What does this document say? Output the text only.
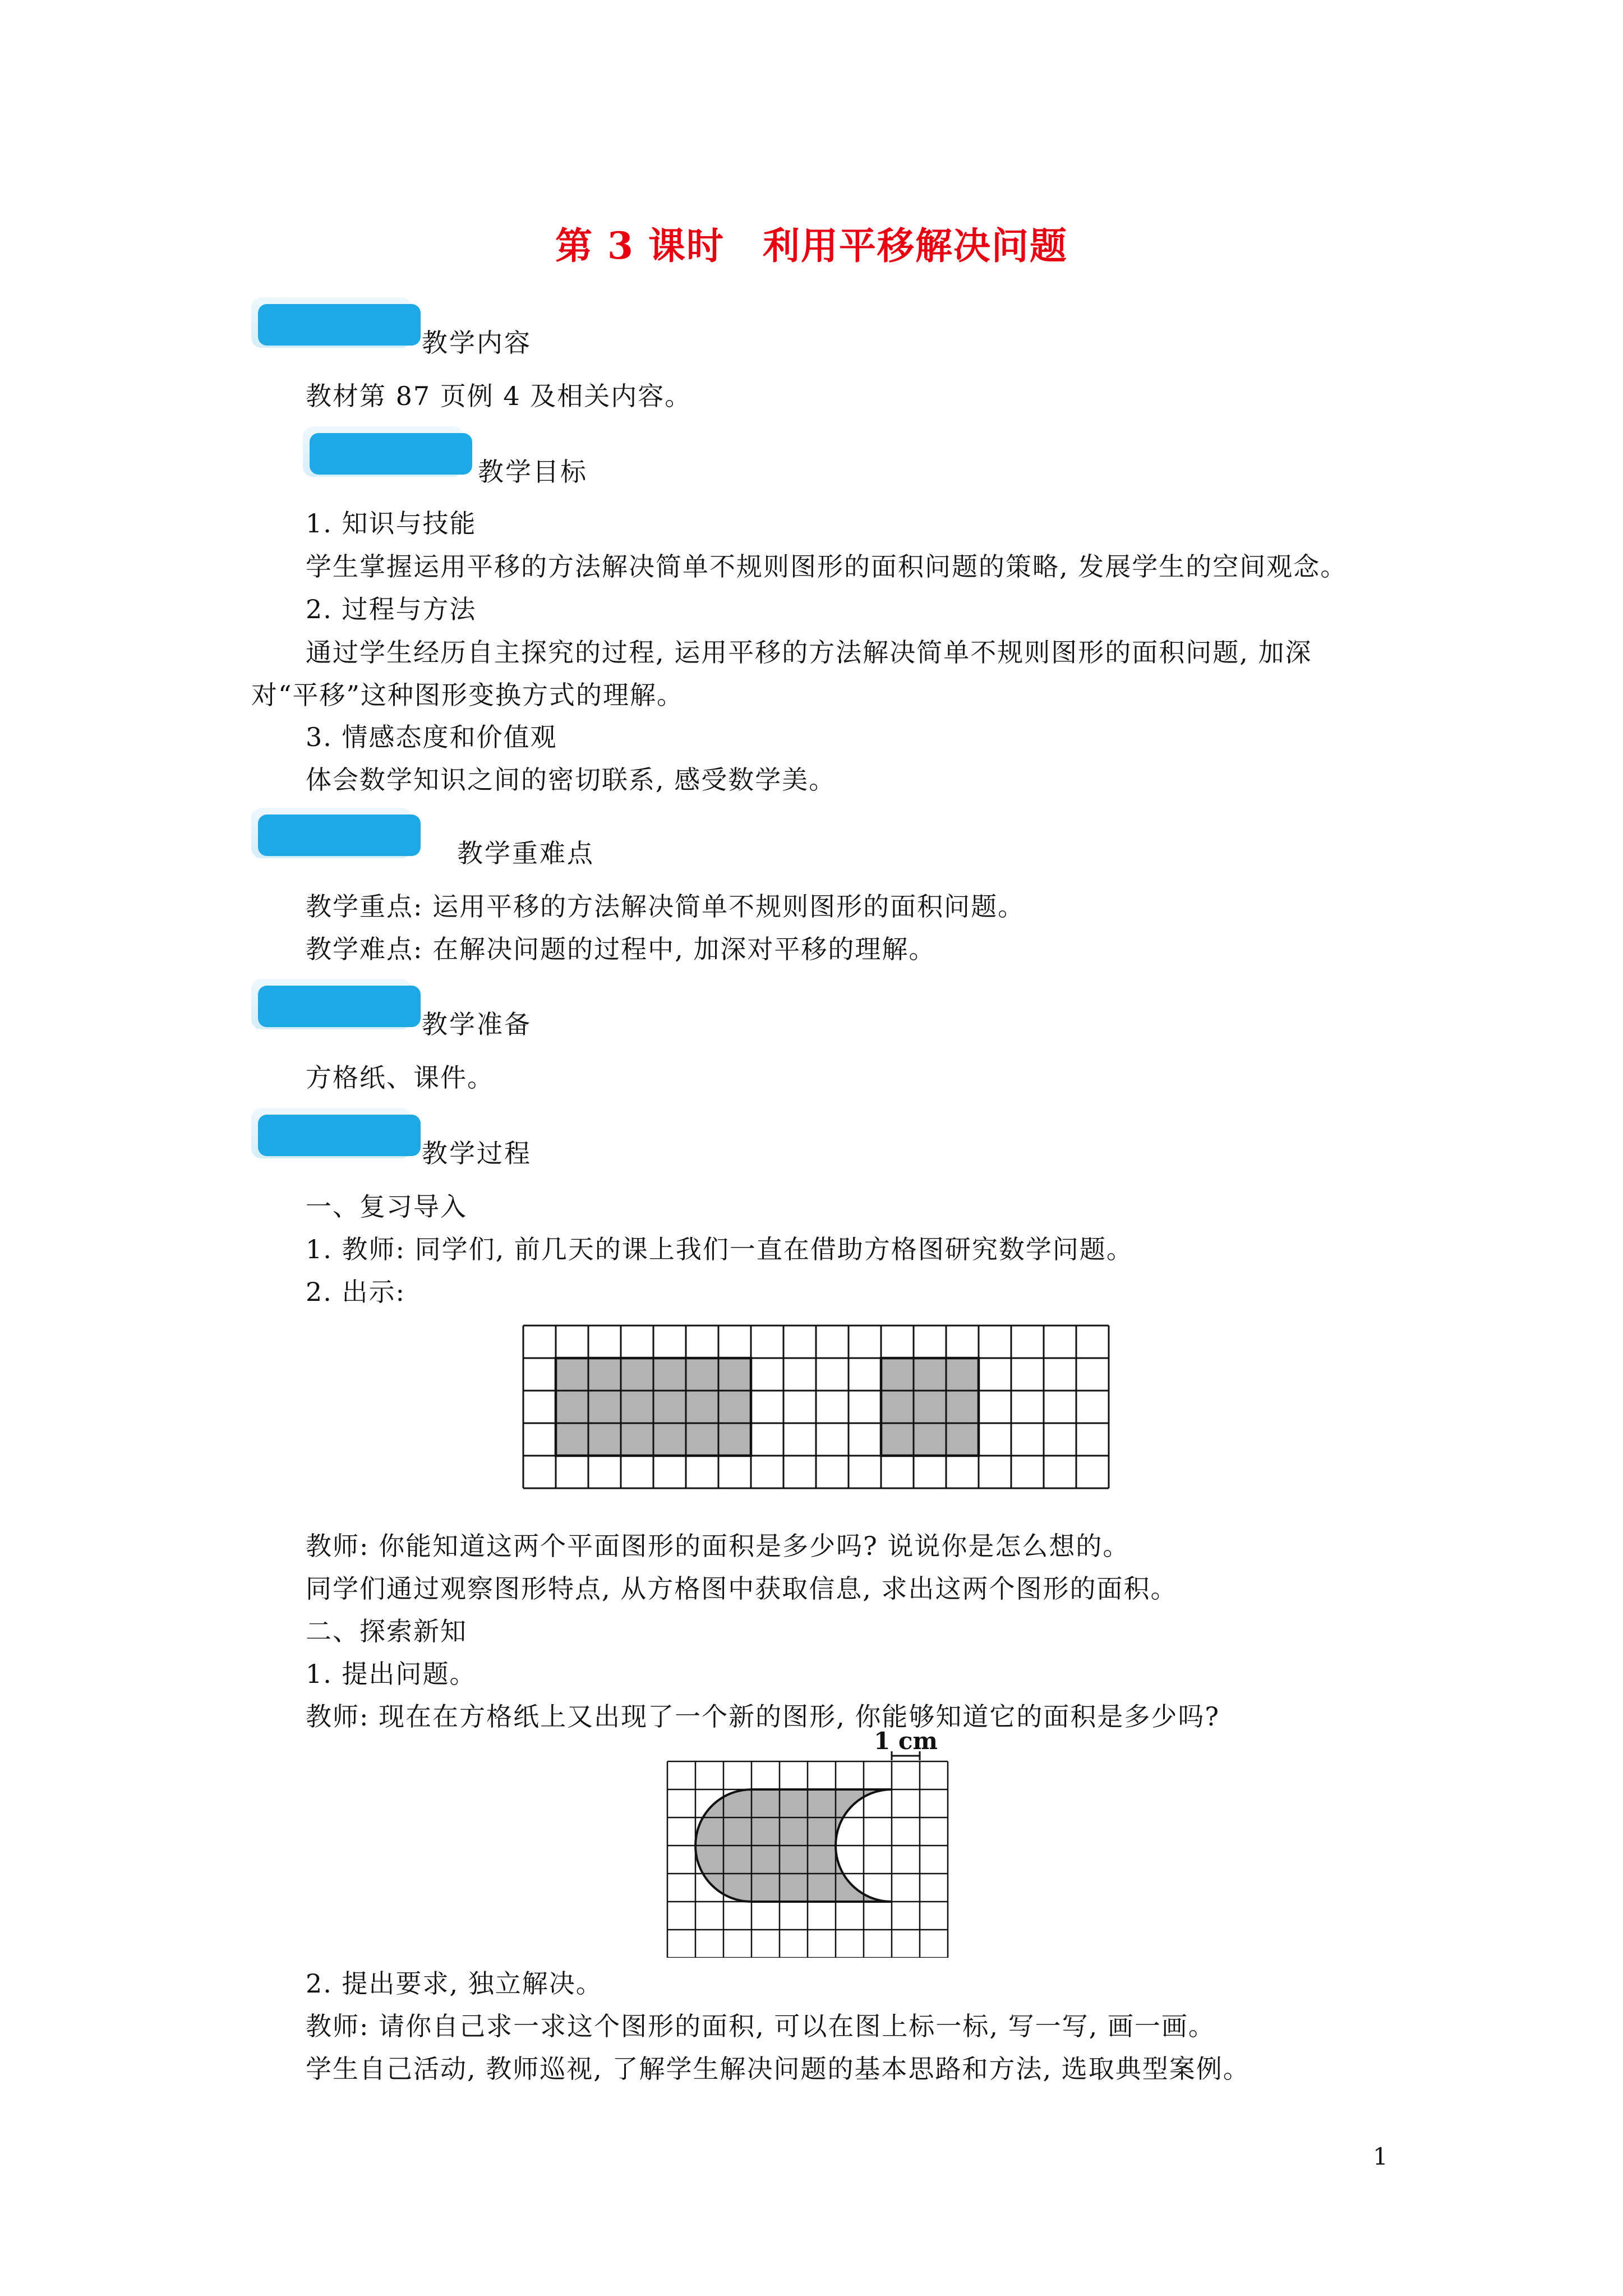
第 3 课时　利用平移解决问题
教学内容
教材第 87 页例 4 及相关内容。
教学目标
1. 知识与技能
学生掌握运用平移的方法解决简单不规则图形的面积问题的策略, 发展学生的空间观念。
2. 过程与方法
通过学生经历自主探究的过程, 运用平移的方法解决简单不规则图形的面积问题, 加深
对“平移”这种图形变换方式的理解。
3. 情感态度和价值观
体会数学知识之间的密切联系, 感受数学美。
教学重难点
教学重点: 运用平移的方法解决简单不规则图形的面积问题。
教学难点: 在解决问题的过程中, 加深对平移的理解。
教学准备
方格纸、课件。
教学过程
一、复习导入
1. 教师: 同学们, 前几天的课上我们一直在借助方格图研究数学问题。
2. 出示:
教师: 你能知道这两个平面图形的面积是多少吗? 说说你是怎么想的。
同学们通过观察图形特点, 从方格图中获取信息, 求出这两个图形的面积。
二、探索新知
1. 提出问题。
教师: 现在在方格纸上又出现了一个新的图形, 你能够知道它的面积是多少吗?
1 cm
2. 提出要求, 独立解决。
教师: 请你自己求一求这个图形的面积, 可以在图上标一标, 写一写, 画一画。
学生自己活动, 教师巡视, 了解学生解决问题的基本思路和方法, 选取典型案例。
1
